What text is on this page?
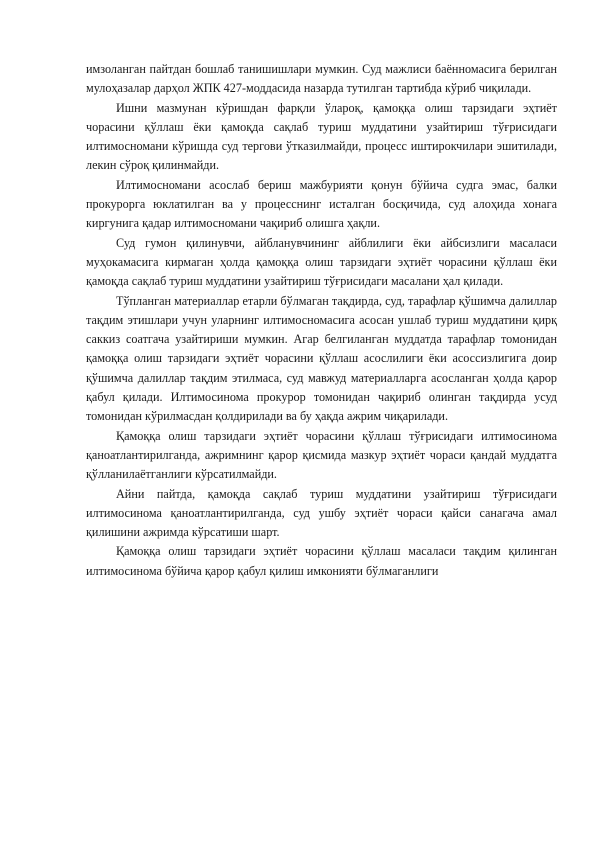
имзоланган пайтдан бошлаб танишишлари мумкин. Суд мажлиси баённомасига берилган мулоҳазалар дарҳол ЖПК 427-моддасида назарда тутилган тартибда кўриб чиқилади.

Ишни мазмунан кўришдан фарқли ўлароқ, қамоққа олиш тарзидаги эҳтиёт чорасини қўллаш ёки қамоқда сақлаб туриш муддатини узайтириш тўғрисидаги илтимосномани кўришда суд тергови ўтказилмайди, процесс иштирокчилари эшитилади, лекин сўроқ қилинмайди.

Илтимосномани асослаб бериш мажбурияти қонун бўйича судга эмас, балки прокурорга юклатилган ва у процесснинг исталган босқичида, суд алоҳида хонага киргунига қадар илтимосномани чақириб олишга ҳақли.

Суд гумон қилинувчи, айбланувчининг айблилиги ёки айбсизлиги масаласи муҳокамасига кирмаган ҳолда қамоққа олиш тарзидаги эҳтиёт чорасини қўллаш ёки қамоқда сақлаб туриш муддатини узайтириш тўғрисидаги масалани ҳал қилади.

Тўпланган материаллар етарли бўлмаган тақдирда, суд, тарафлар қўшимча далиллар тақдим этишлари учун уларнинг илтимосномасига асосан ушлаб туриш муддатини қирқ саккиз соатгача узайтириши мумкин. Агар белгиланган муддатда тарафлар томонидан қамоққа олиш тарзидаги эҳтиёт чорасини қўллаш асослилиги ёки асоссизлигига доир қўшимча далиллар тақдим этилмаса, суд мавжуд материалларга асосланган ҳолда қарор қабул қилади. Илтимосинома прокурор томонидан чақириб олинган тақдирда усуд томонидан кўрилмасдан қолдирилади ва бу ҳақда ажрим чиқарилади.

Қамоққа олиш тарзидаги эҳтиёт чорасини қўллаш тўғрисидаги илтимосинома қаноатлантирилганда, ажримнинг қарор қисмида мазкур эҳтиёт чораси қандай муддатга қўлланилаётганлиги кўрсатилмайди.

Айни пайтда, қамоқда сақлаб туриш муддатини узайтириш тўғрисидаги илтимосинома қаноатлантирилганда, суд ушбу эҳтиёт чораси қайси санагача амал қилишини ажримда кўрсатиши шарт.

Қамоққа олиш тарзидаги эҳтиёт чорасини қўллаш масаласи тақдим қилинган илтимосинома бўйича қарор қабул қилиш имконияти бўлмаганлиги
